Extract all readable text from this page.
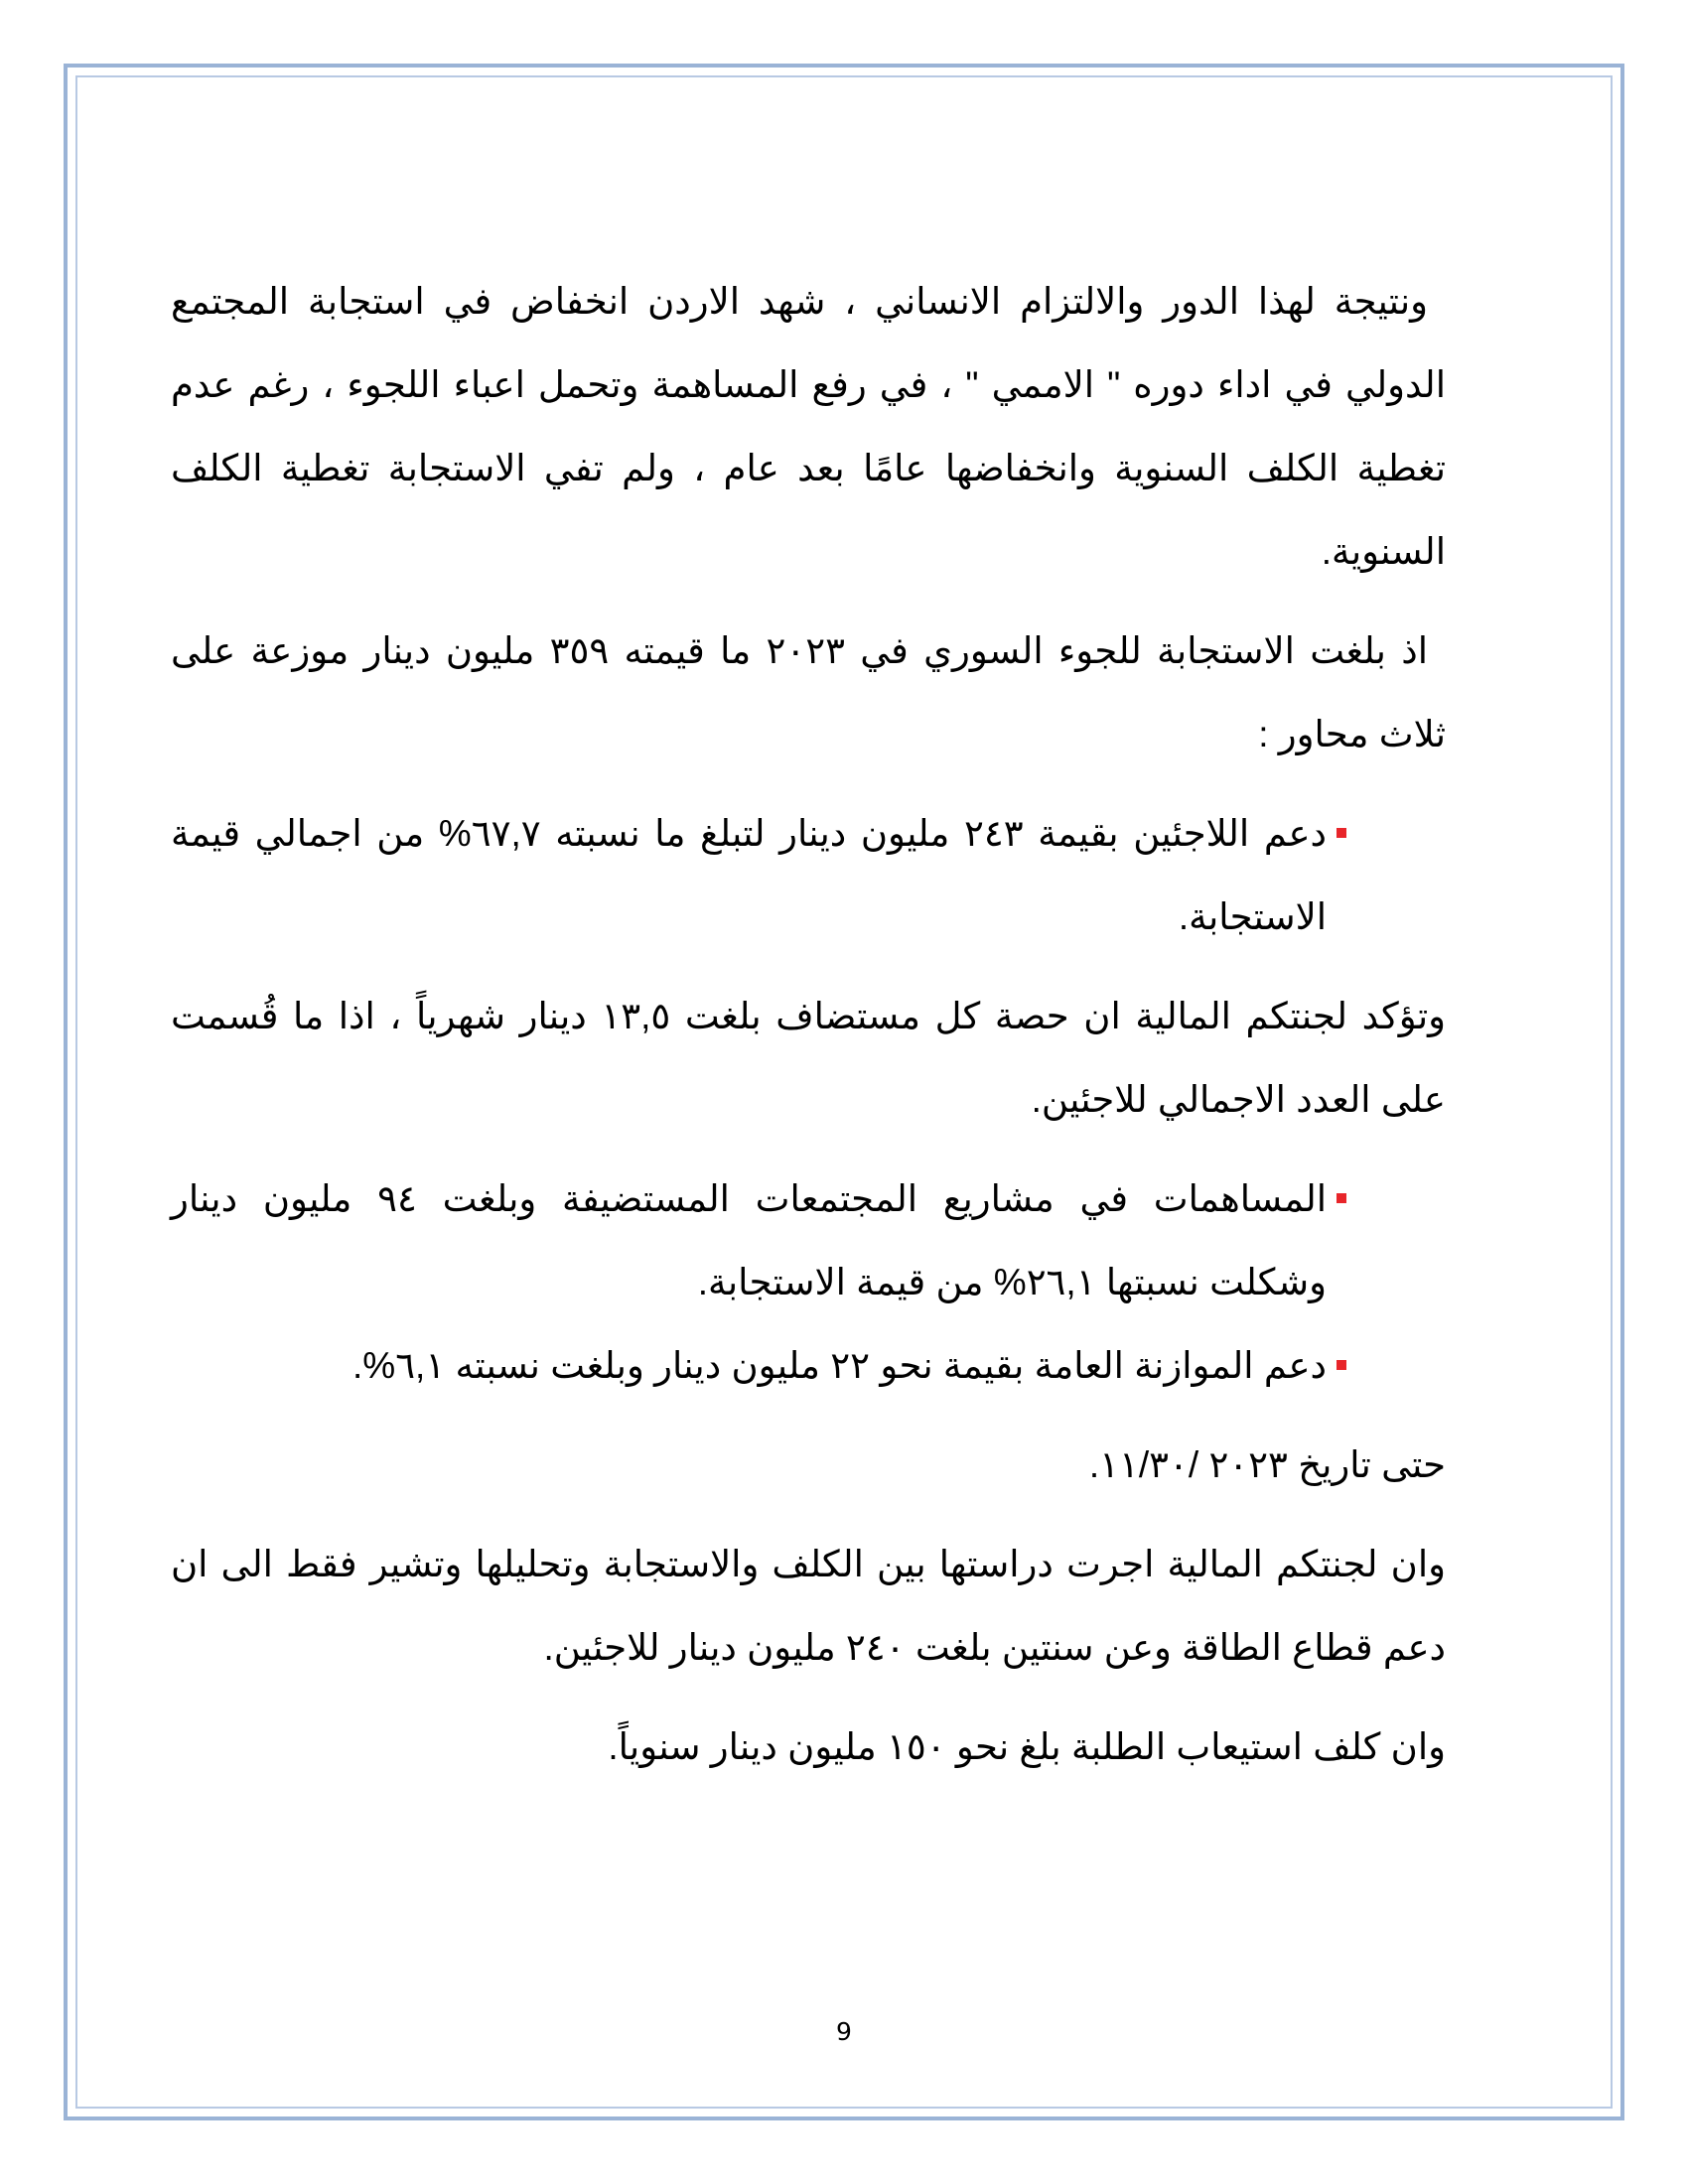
ونتيجة لهذا الدور والالتزام الانساني ، شهد الاردن انخفاض في استجابة المجتمع الدولي في اداء دوره " الاممي " ، في رفع المساهمة وتحمل اعباء اللجوء ، رغم عدم تغطية الكلف السنوية وانخفاضها عامًا بعد عام ، ولم تفي الاستجابة تغطية الكلف السنوية.

اذ بلغت الاستجابة للجوء السوري في ٢٠٢٣ ما قيمته ٣٥٩ مليون دينار موزعة على ثلاث محاور :

دعم اللاجئين بقيمة ٢٤٣ مليون دينار لتبلغ ما نسبته ٦٧,٧% من اجمالي قيمة الاستجابة.

وتؤكد لجنتكم المالية ان حصة كل مستضاف بلغت ١٣,٥ دينار شهرياً ، اذا ما قُسمت على العدد الاجمالي للاجئين.

المساهمات في مشاريع المجتمعات المستضيفة وبلغت ٩٤ مليون دينار وشكلت نسبتها ٢٦,١% من قيمة الاستجابة.
دعم الموازنة العامة بقيمة نحو ٢٢ مليون دينار وبلغت نسبته ٦,١%.

حتى تاريخ ٢٠٢٣ /١١/٣٠.

وان لجنتكم المالية اجرت دراستها بين الكلف والاستجابة وتحليلها وتشير فقط الى ان دعم قطاع الطاقة وعن سنتين بلغت ٢٤٠ مليون دينار للاجئين.

وان كلف استيعاب الطلبة بلغ نحو ١٥٠ مليون دينار سنوياً.

9
